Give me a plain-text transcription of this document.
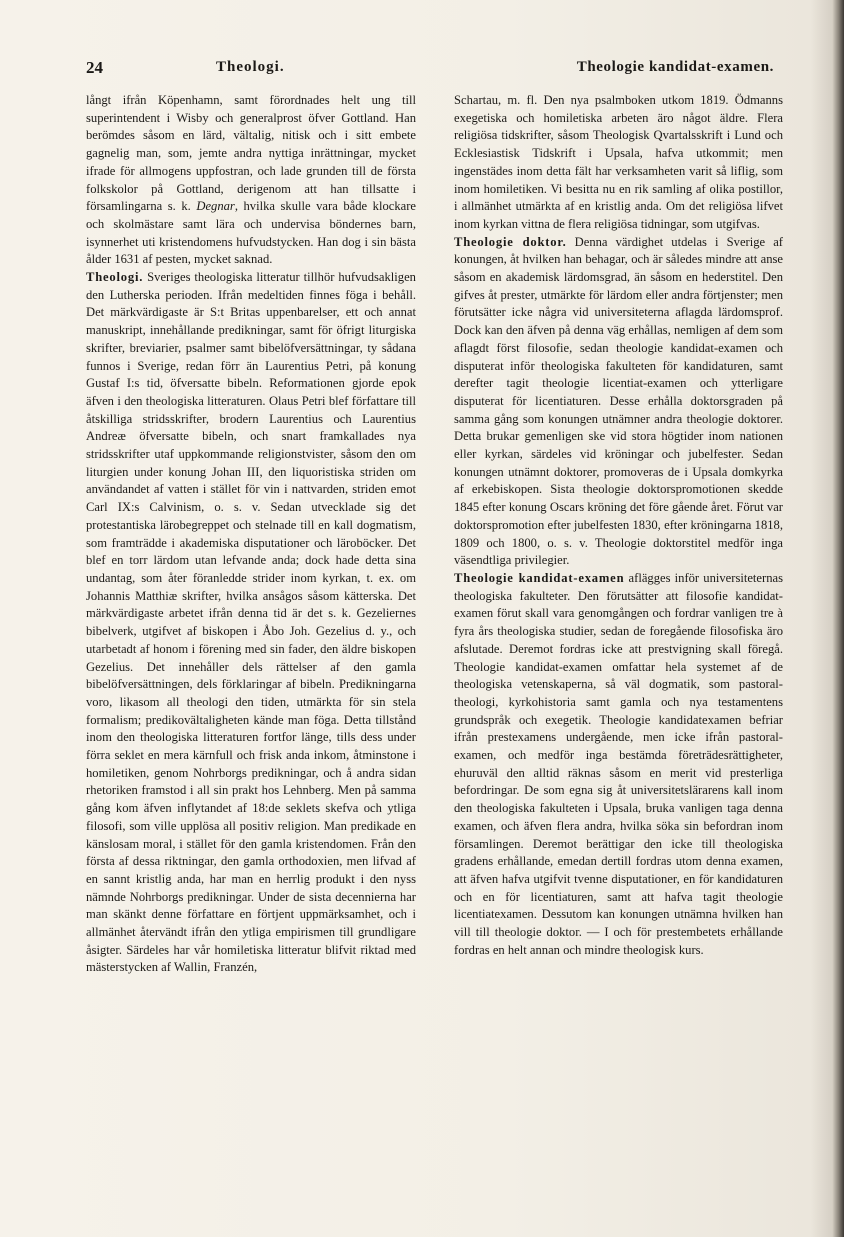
24	Theologi.	Theologie kandidat-examen.

långt ifrån Köpenhamn, samt förordnades helt ung till superintendent i Wisby och generalprost öfver Gottland. Han berömdes såsom en lärd, vältalig, nitisk och i sitt embete gagnelig man, som, jemte andra nyttiga inrättningar, mycket ifrade för allmogens uppfostran, och lade grunden till de första folkskolor på Gottland, derigenom att han tillsatte i församlingarna s. k. Degnar, hvilka skulle vara både klockare och skolmästare samt lära och undervisa böndernes barn, isynnerhet uti kristendomens hufvudstycken. Han dog i sin bästa ålder 1631 af pesten, mycket saknad.

Theologi. Sveriges theologiska litteratur tillhör hufvudsakligen den Lutherska perioden. Ifrån medeltiden finnes föga i behåll. Det märkvärdigaste är S:t Britas uppenbarelser, ett och annat manuskript, innehållande predikningar, samt för öfrigt liturgiska skrifter, breviarier, psalmer samt bibelöfversättningar, ty sådana funnos i Sverige, redan förr än Laurentius Petri, på konung Gustaf I:s tid, öfversatte bibeln. Reformationen gjorde epok äfven i den theologiska litteraturen. Olaus Petri blef författare till åtskilliga stridsskrifter, brodern Laurentius och Laurentius Andreæ öfversatte bibeln, och snart framkallades nya stridsskrifter utaf uppkommande religionstvister, såsom den om liturgien under konung Johan III, den liquoristiska striden om användandet af vatten i stället för vin i nattvarden, striden emot Carl IX:s Calvinism, o. s. v. Sedan utvecklade sig det protestantiska lärobegreppet och stelnade till en kall dogmatism, som framträdde i akademiska disputationer och läroböcker. Det blef en torr lärdom utan lefvande anda; dock hade detta sina undantag, som åter föranledde strider inom kyrkan, t. ex. om Johannis Matthiæ skrifter, hvilka ansågos såsom kätterska. Det märkvärdigaste arbetet ifrån denna tid är det s. k. Gezeliernes bibelverk, utgifvet af biskopen i Åbo Joh. Gezelius d. y., och utarbetadt af honom i förening med sin fader, den äldre biskopen Gezelius. Det innehåller dels rättelser af den gamla bibelöfversättningen, dels förklaringar af bibeln. Predikningarna voro, likasom all theologi den tiden, utmärkta för sin stela formalism; predikovältaligheten kände man föga. Detta tillstånd inom den theologiska litteraturen fortfor länge, tills dess under förra seklet en mera kärnfull och frisk anda inkom, åtminstone i homiletiken, genom Nohrborgs predikningar, och å andra sidan rhetoriken framstod i all sin prakt hos Lehnberg. Men på samma gång kom äfven inflytandet af 18:de seklets skefva och ytliga filosofi, som ville upplösa all positiv religion. Man predikade en känslosam moral, i stället för den gamla kristendomen. Från den första af dessa riktningar, den gamla orthodoxien, men lifvad af en sannt kristlig anda, har man en herrlig produkt i den nyss nämnde Nohrborgs predikningar. Under de sista decennierna har man skänkt denne författare en förtjent uppmärksamhet, och i allmänhet återvändt ifrån den ytliga empirismen till grundligare åsigter. Särdeles har vår homiletiska litteratur blifvit riktad med mästerstycken af Wallin, Franzén,

Schartau, m. fl. Den nya psalmboken utkom 1819. Ödmanns exegetiska och homiletiska arbeten äro något äldre. Flera religiösa tidskrifter, såsom Theologisk Qvartalsskrift i Lund och Ecklesiastisk Tidskrift i Upsala, hafva utkommit; men ingenstädes inom detta fält har verksamheten varit så liflig, som inom homiletiken. Vi besitta nu en rik samling af olika postillor, i allmänhet utmärkta af en kristlig anda. Om det religiösa lifvet inom kyrkan vittna de flera religiösa tidningar, som utgifvas.

Theologie doktor. Denna värdighet utdelas i Sverige af konungen, åt hvilken han behagar, och är således mindre att anse såsom en akademisk lärdomsgrad, än såsom en hederstitel. Den gifves åt prester, utmärkte för lärdom eller andra förtjenster; men förutsätter icke några vid universiteterna aflagda lärdomsprof. Dock kan den äfven på denna väg erhållas, nemligen af dem som aflagdt först filosofie, sedan theologie kandidat-examen och disputerat inför theologiska fakulteten för kandidaturen, samt derefter tagit theologie licentiat-examen och ytterligare disputerat för licentiaturen. Desse erhålla doktorsgraden på samma gång som konungen utnämner andra theologie doktorer. Detta brukar gemenligen ske vid stora högtider inom nationen eller kyrkan, särdeles vid kröningar och jubelfester. Sedan konungen utnämnt doktorer, promoveras de i Upsala domkyrka af erkebiskopen. Sista theologie doktorspromotionen skedde 1845 efter konung Oscars kröning det före gående året. Förut var doktorspromotion efter jubelfesten 1830, efter kröningarna 1818, 1809 och 1800, o. s. v. Theologie doktorstitel medför inga väsendtliga privilegier.

Theologie kandidat-examen aflägges inför universiteternas theologiska fakulteter. Den förutsätter att filosofie kandidat-examen förut skall vara genomgången och fordrar vanligen tre à fyra års theologiska studier, sedan de foregående filosofiska äro afslutade. Deremot fordras icke att prestvigning skall föregå. Theologie kandidat-examen omfattar hela systemet af de theologiska vetenskaperna, så väl dogmatik, som pastoral-theologi, kyrkohistoria samt gamla och nya testamentens grundspråk och exegetik. Theologie kandidatexamen befriar ifrån prestexamens undergående, men icke ifrån pastoral-examen, och medför inga bestämda företrädesrättigheter, ehuruväl den alltid räknas såsom en merit vid presterliga befordringar. De som egna sig åt universitetslärarens kall inom den theologiska fakulteten i Upsala, bruka vanligen taga denna examen, och äfven flera andra, hvilka söka sin befordran inom församlingen. Deremot berättigar den icke till theologiska gradens erhållande, emedan dertill fordras utom denna examen, att äfven hafva utgifvit tvenne disputationer, en för kandidaturen och en för licentiaturen, samt att hafva tagit theologie licentiatexamen. Dessutom kan konungen utnämna hvilken han vill till theologie doktor. — I och för prestembetets erhållande fordras en helt annan och mindre theologisk kurs.
